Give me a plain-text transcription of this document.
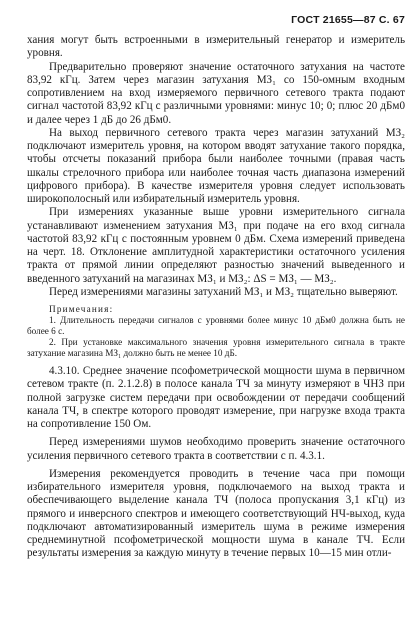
ГОСТ 21655—87 С. 67

хания могут быть встроенными в измерительный генератор и измеритель уровня.

Предварительно проверяют значение остаточного затухания на частоте 83,92 кГц. Затем через магазин затухания МЗ₁ со 150-омным входным сопротивлением на вход измеряемого первичного сетевого тракта подают сигнал частотой 83,92 кГц с различными уровнями: минус 10; 0; плюс 20 дБм0 и далее через 1 дБ до 26 дБм0.

На выход первичного сетевого тракта через магазин затуханий МЗ₂ подключают измеритель уровня, на котором вводят затухание такого порядка, чтобы отсчеты показаний прибора были наиболее точными (правая часть шкалы стрелочного прибора или наиболее точная часть диапазона измерений цифрового прибора). В качестве измерителя уровня следует использовать широкополосный или избирательный измеритель уровня.

При измерениях указанные выше уровни измерительного сигнала устанавливают изменением затухания МЗ₁ при подаче на его вход сигнала частотой 83,92 кГц с постоянным уровнем 0 дБм. Схема измерений приведена на черт. 18. Отклонение амплитудной характеристики остаточного усиления тракта от прямой линии определяют разностью значений выведенного и введенного затуханий на магазинах МЗ₁ и МЗ₂: ΔS = МЗ₁ — МЗ₂.

Перед измерениями магазины затуханий МЗ₁ и МЗ₂ тщательно выверяют.

Примечания:

1. Длительность передачи сигналов с уровнями более минус 10 дБм0 должна быть не более 6 с.

2. При установке максимального значения уровня измерительного сигнала в тракте затухание магазина МЗ₁ должно быть не менее 10 дБ.

4.3.10. Среднее значение псофометрической мощности шума в первичном сетевом тракте (п. 2.1.2.8) в полосе канала ТЧ за минуту измеряют в ЧНЗ при полной загрузке систем передачи при освобождении от передачи сообщений канала ТЧ, в спектре которого проводят измерение, при нагрузке входа тракта на сопротивление 150 Ом.

Перед измерениями шумов необходимо проверить значение остаточного усиления первичного сетевого тракта в соответствии с п. 4.3.1.

Измерения рекомендуется проводить в течение часа при помощи избирательного измерителя уровня, подключаемого на выход тракта и обеспечивающего выделение канала ТЧ (полоса пропускания 3,1 кГц) из прямого и инверсного спектров и имеющего соответствующий НЧ-выход, куда подключают автоматизированный измеритель шума в режиме измерения среднеминутной псофометрической мощности шума в канале ТЧ. Если результаты измерения за каждую минуту в течение первых 10—15 мин отли-
